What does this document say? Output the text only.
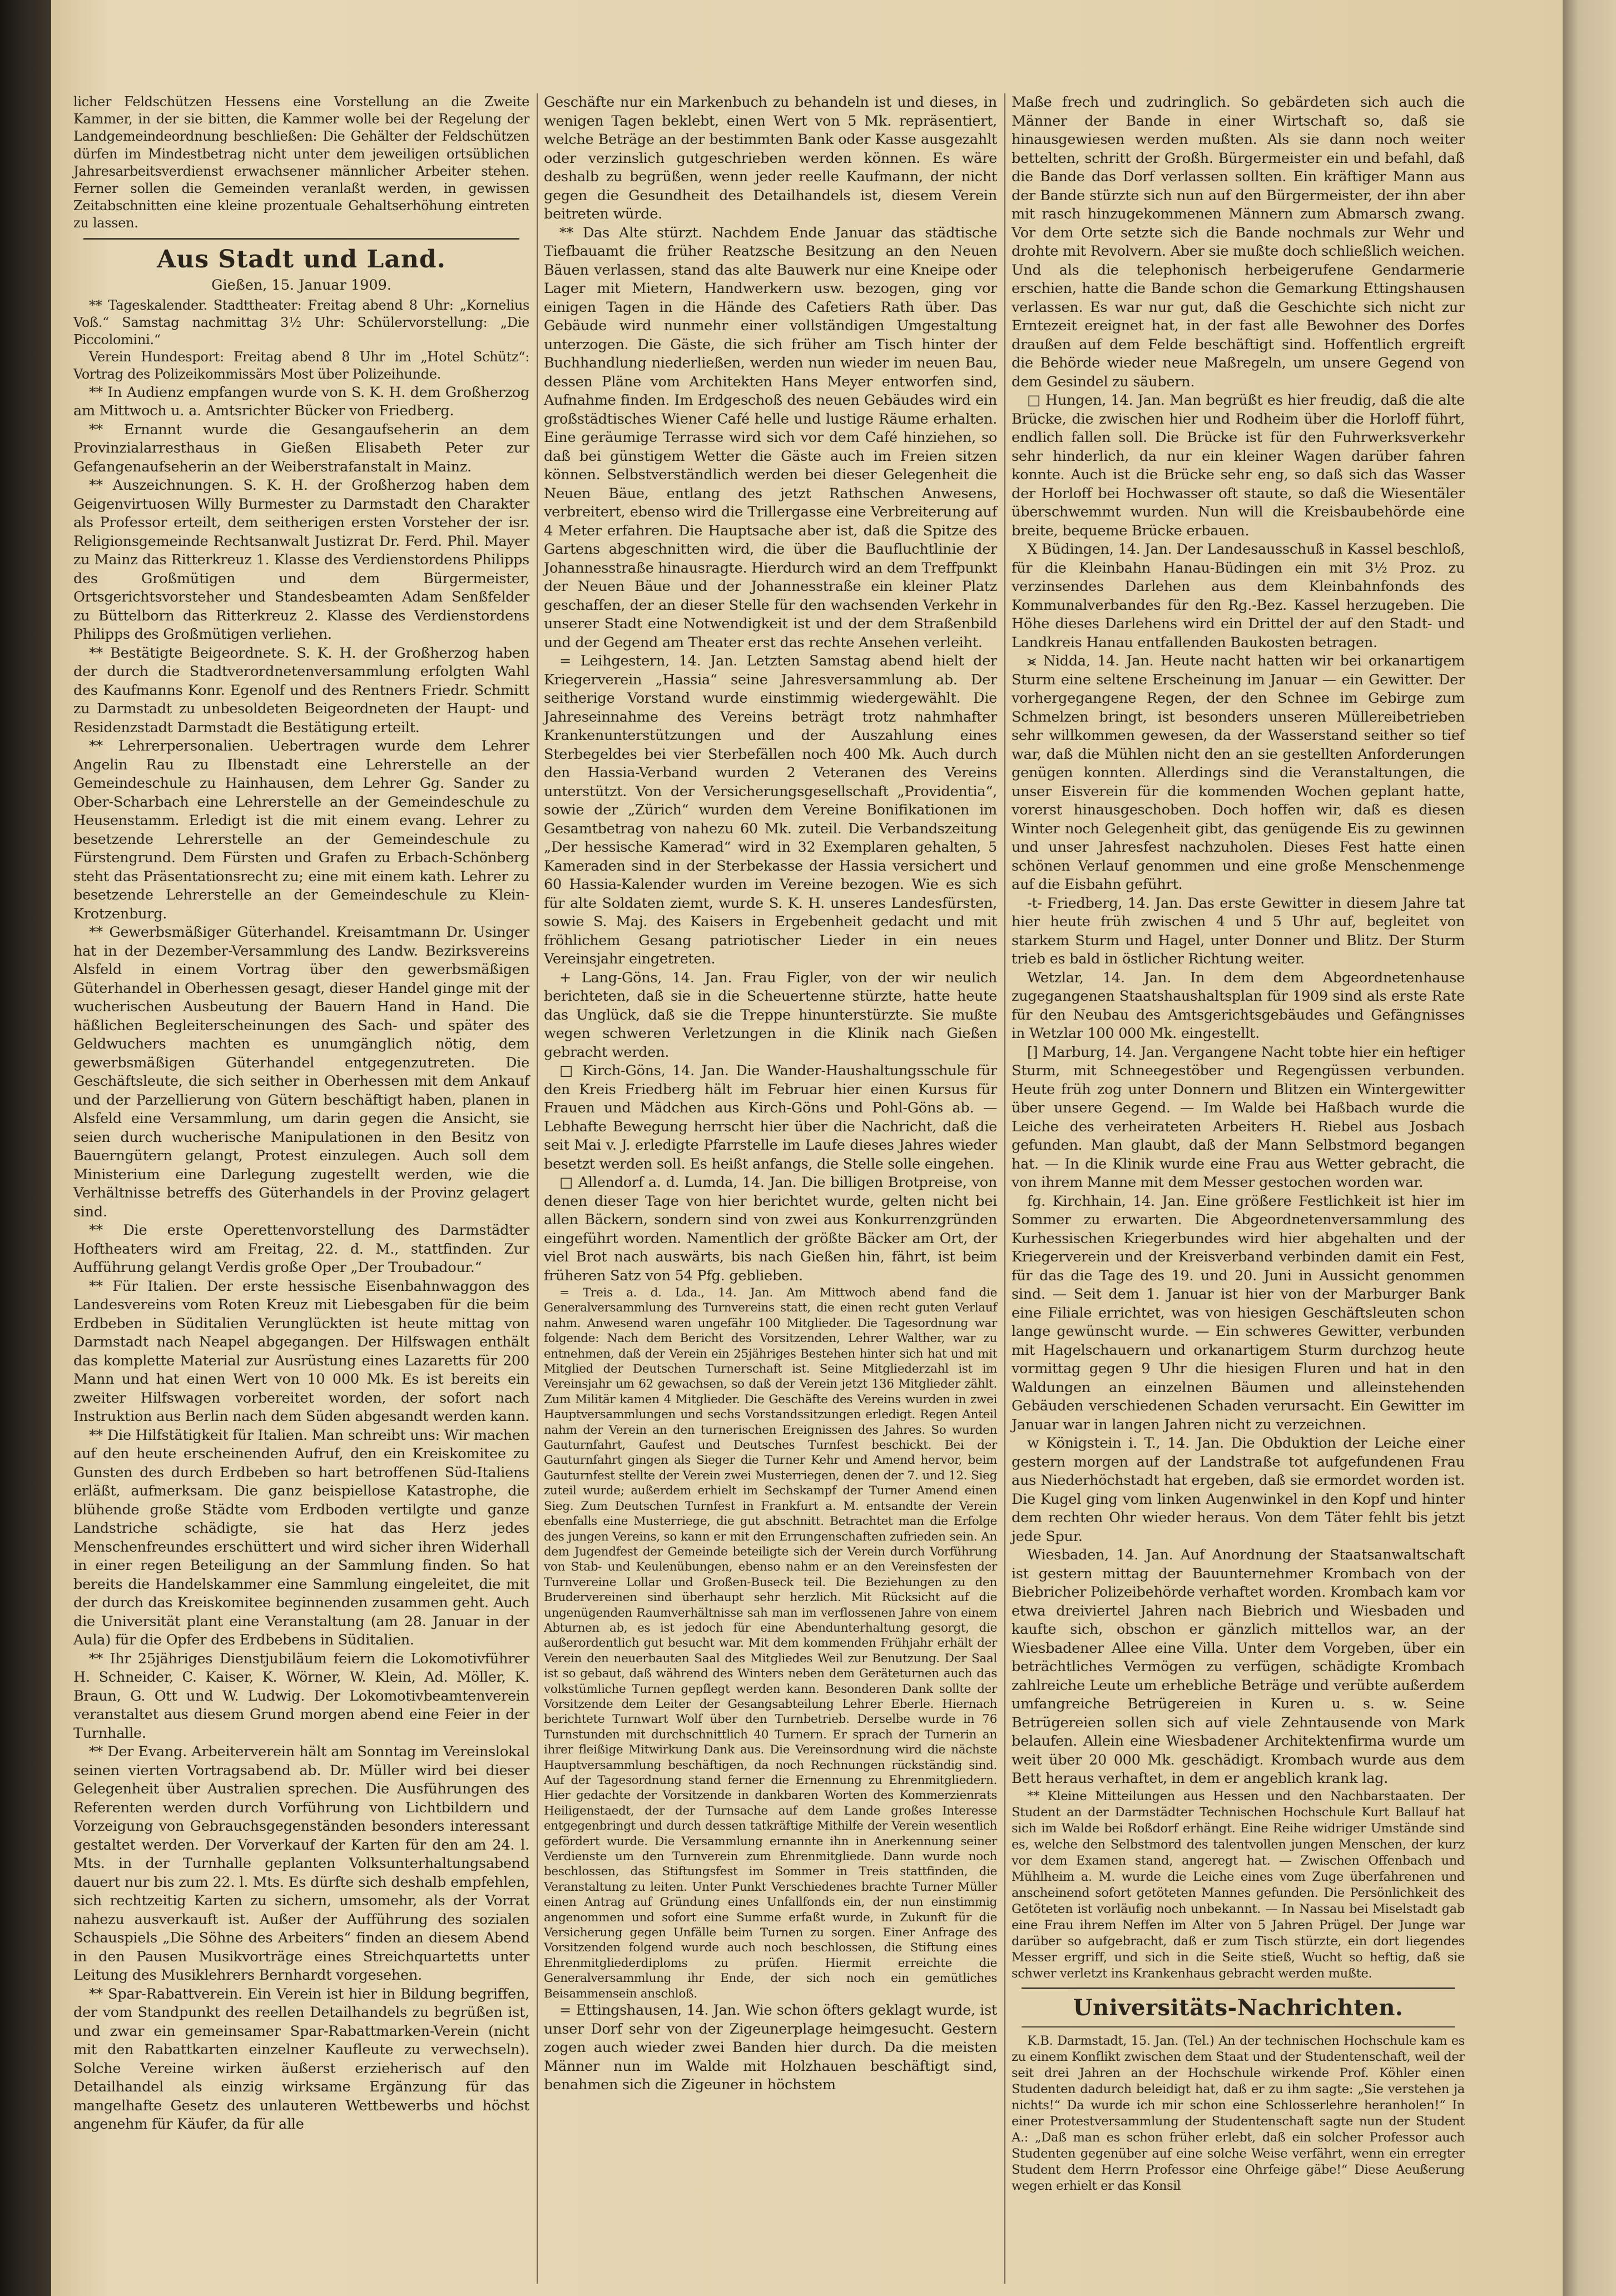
licher Feldschützen Hessens eine Vorstellung an die Zweite Kammer, in der sie bitten, die Kammer wolle bei der Regelung der Landgemeindeordnung beschließen: Die Gehälter der Feldschützen dürfen im Mindestbetrag nicht unter dem jeweiligen ortsüblichen Jahresarbeitsverdienst erwachsener männlicher Arbeiter stehen. Ferner sollen die Gemeinden veranlaßt werden, in gewissen Zeitabschnitten eine kleine prozentuale Gehaltserhöhung eintreten zu lassen.

Aus Stadt und Land.
Gießen, 15. Januar 1909.

** Tageskalender. Stadttheater: Freitag abend 8 Uhr: „Kornelius Voß.“ Samstag nachmittag 3½ Uhr: Schülervorstellung: „Die Piccolomini.“

Verein Hundesport: Freitag abend 8 Uhr im „Hotel Schütz“: Vortrag des Polizeikommissärs Most über Polizeihunde.

** In Audienz empfangen wurde von S. K. H. dem Großherzog am Mittwoch u. a. Amtsrichter Bücker von Friedberg.

** Ernannt wurde die Gesangaufseherin an dem Provinzialarresthaus in Gießen Elisabeth Peter zur Gefangenaufseherin an der Weiberstrafanstalt in Mainz.

** Auszeichnungen. S. K. H. der Großherzog haben dem Geigenvirtuosen Willy Burmester zu Darmstadt den Charakter als Professor erteilt, dem seitherigen ersten Vorsteher der isr. Religionsgemeinde Rechtsanwalt Justizrat Dr. Ferd. Phil. Mayer zu Mainz das Ritterkreuz 1. Klasse des Verdienstordens Philipps des Großmütigen und dem Bürgermeister, Ortsgerichtsvorsteher und Standesbeamten Adam Senßfelder zu Büttelborn das Ritterkreuz 2. Klasse des Verdienstordens Philipps des Großmütigen verliehen.

** Bestätigte Beigeordnete. S. K. H. der Großherzog haben der durch die Stadtverordnetenversammlung erfolgten Wahl des Kaufmanns Konr. Egenolf und des Rentners Friedr. Schmitt zu Darmstadt zu unbesoldeten Beigeordneten der Haupt- und Residenzstadt Darmstadt die Bestätigung erteilt.

** Lehrerpersonalien. Uebertragen wurde dem Lehrer Angelin Rau zu Ilbenstadt eine Lehrerstelle an der Gemeindeschule zu Hainhausen, dem Lehrer Gg. Sander zu Ober-Scharbach eine Lehrerstelle an der Gemeindeschule zu Heusenstamm. Erledigt ist die mit einem evang. Lehrer zu besetzende Lehrerstelle an der Gemeindeschule zu Fürstengrund. Dem Fürsten und Grafen zu Erbach-Schönberg steht das Präsentationsrecht zu; eine mit einem kath. Lehrer zu besetzende Lehrerstelle an der Gemeindeschule zu Klein-Krotzenburg.

** Gewerbsmäßiger Güterhandel. Kreisamtmann Dr. Usinger hat in der Dezember-Versammlung des Landw. Bezirksvereins Alsfeld in einem Vortrag über den gewerbsmäßigen Güterhandel in Oberhessen gesagt, dieser Handel ginge mit der wucherischen Ausbeutung der Bauern Hand in Hand. Die häßlichen Begleiterscheinungen des Sach- und später des Geldwuchers machten es unumgänglich nötig, dem gewerbsmäßigen Güterhandel entgegenzutreten. Die Geschäftsleute, die sich seither in Oberhessen mit dem Ankauf und der Parzellierung von Gütern beschäftigt haben, planen in Alsfeld eine Versammlung, um darin gegen die Ansicht, sie seien durch wucherische Manipulationen in den Besitz von Bauerngütern gelangt, Protest einzulegen. Auch soll dem Ministerium eine Darlegung zugestellt werden, wie die Verhältnisse betreffs des Güterhandels in der Provinz gelagert sind.

** Die erste Operettenvorstellung des Darmstädter Hoftheaters wird am Freitag, 22. d. M., stattfinden. Zur Aufführung gelangt Verdis große Oper „Der Troubadour.“

** Für Italien. Der erste hessische Eisenbahnwaggon des Landesvereins vom Roten Kreuz mit Liebesgaben für die beim Erdbeben in Süditalien Verunglückten ist heute mittag von Darmstadt nach Neapel abgegangen. Der Hilfswagen enthält das komplette Material zur Ausrüstung eines Lazaretts für 200 Mann und hat einen Wert von 10 000 Mk. Es ist bereits ein zweiter Hilfswagen vorbereitet worden, der sofort nach Instruktion aus Berlin nach dem Süden abgesandt werden kann.

** Die Hilfstätigkeit für Italien. Man schreibt uns: Wir machen auf den heute erscheinenden Aufruf, den ein Kreiskomitee zu Gunsten des durch Erdbeben so hart betroffenen Süd-Italiens erläßt, aufmerksam. Die ganz beispiellose Katastrophe, die blühende große Städte vom Erdboden vertilgte und ganze Landstriche schädigte, sie hat das Herz jedes Menschenfreundes erschüttert und wird sicher ihren Widerhall in einer regen Beteiligung an der Sammlung finden. So hat bereits die Handelskammer eine Sammlung eingeleitet, die mit der durch das Kreiskomitee beginnenden zusammen geht. Auch die Universität plant eine Veranstaltung (am 28. Januar in der Aula) für die Opfer des Erdbebens in Süditalien.

** Ihr 25jähriges Dienstjubiläum feiern die Lokomotivführer H. Schneider, C. Kaiser, K. Wörner, W. Klein, Ad. Möller, K. Braun, G. Ott und W. Ludwig. Der Lokomotivbeamtenverein veranstaltet aus diesem Grund morgen abend eine Feier in der Turnhalle.

** Der Evang. Arbeiterverein hält am Sonntag im Vereinslokal seinen vierten Vortragsabend ab. Dr. Müller wird bei dieser Gelegenheit über Australien sprechen. Die Ausführungen des Referenten werden durch Vorführung von Lichtbildern und Vorzeigung von Gebrauchsgegenständen besonders interessant gestaltet werden. Der Vorverkauf der Karten für den am 24. l. Mts. in der Turnhalle geplanten Volksunterhaltungsabend dauert nur bis zum 22. l. Mts. Es dürfte sich deshalb empfehlen, sich rechtzeitig Karten zu sichern, umsomehr, als der Vorrat nahezu ausverkauft ist. Außer der Aufführung des sozialen Schauspiels „Die Söhne des Arbeiters“ finden an diesem Abend in den Pausen Musikvorträge eines Streichquartetts unter Leitung des Musiklehrers Bernhardt vorgesehen.

** Spar-Rabattverein. Ein Verein ist hier in Bildung begriffen, der vom Standpunkt des reellen Detailhandels zu begrüßen ist, und zwar ein gemeinsamer Spar-Rabattmarken-Verein (nicht mit den Rabattkarten einzelner Kaufleute zu verwechseln). Solche Vereine wirken äußerst erzieherisch auf den Detailhandel als einzig wirksame Ergänzung für das mangelhafte Gesetz des unlauteren Wettbewerbs und höchst angenehm für Käufer, da für alle

Geschäfte nur ein Markenbuch zu behandeln ist und dieses, in wenigen Tagen beklebt, einen Wert von 5 Mk. repräsentiert, welche Beträge an der bestimmten Bank oder Kasse ausgezahlt oder verzinslich gutgeschrieben werden können. Es wäre deshalb zu begrüßen, wenn jeder reelle Kaufmann, der nicht gegen die Gesundheit des Detailhandels ist, diesem Verein beitreten würde.

** Das Alte stürzt. Nachdem Ende Januar das städtische Tiefbauamt die früher Reatzsche Besitzung an den Neuen Bäuen verlassen, stand das alte Bauwerk nur eine Kneipe oder Lager mit Mietern, Handwerkern usw. bezogen, ging vor einigen Tagen in die Hände des Cafetiers Rath über. Das Gebäude wird nunmehr einer vollständigen Umgestaltung unterzogen. Die Gäste, die sich früher am Tisch hinter der Buchhandlung niederließen, werden nun wieder im neuen Bau, dessen Pläne vom Architekten Hans Meyer entworfen sind, Aufnahme finden. Im Erdgeschoß des neuen Gebäudes wird ein großstädtisches Wiener Café helle und lustige Räume erhalten. Eine geräumige Terrasse wird sich vor dem Café hinziehen, so daß bei günstigem Wetter die Gäste auch im Freien sitzen können. Selbstverständlich werden bei dieser Gelegenheit die Neuen Bäue, entlang des jetzt Rathschen Anwesens, verbreitert, ebenso wird die Trillergasse eine Verbreiterung auf 4 Meter erfahren. Die Hauptsache aber ist, daß die Spitze des Gartens abgeschnitten wird, die über die Baufluchtlinie der Johannesstraße hinausragte. Hierdurch wird an dem Treffpunkt der Neuen Bäue und der Johannesstraße ein kleiner Platz geschaffen, der an dieser Stelle für den wachsenden Verkehr in unserer Stadt eine Notwendigkeit ist und der dem Straßenbild und der Gegend am Theater erst das rechte Ansehen verleiht.

= Leihgestern, 14. Jan. Letzten Samstag abend hielt der Kriegerverein „Hassia“ seine Jahresversammlung ab. Der seitherige Vorstand wurde einstimmig wiedergewählt. Die Jahreseinnahme des Vereins beträgt trotz nahmhafter Krankenunterstützungen und der Auszahlung eines Sterbegeldes bei vier Sterbefällen noch 400 Mk. Auch durch den Hassia-Verband wurden 2 Veteranen des Vereins unterstützt. Von der Versicherungsgesellschaft „Providentia“, sowie der „Zürich“ wurden dem Vereine Bonifikationen im Gesamtbetrag von nahezu 60 Mk. zuteil. Die Verbandszeitung „Der hessische Kamerad“ wird in 32 Exemplaren gehalten, 5 Kameraden sind in der Sterbekasse der Hassia versichert und 60 Hassia-Kalender wurden im Vereine bezogen. Wie es sich für alte Soldaten ziemt, wurde S. K. H. unseres Landesfürsten, sowie S. Maj. des Kaisers in Ergebenheit gedacht und mit fröhlichem Gesang patriotischer Lieder in ein neues Vereinsjahr eingetreten.

+ Lang-Göns, 14. Jan. Frau Figler, von der wir neulich berichteten, daß sie in die Scheuertenne stürzte, hatte heute das Unglück, daß sie die Treppe hinunterstürzte. Sie mußte wegen schweren Verletzungen in die Klinik nach Gießen gebracht werden.

□ Kirch-Göns, 14. Jan. Die Wander-Haushaltungsschule für den Kreis Friedberg hält im Februar hier einen Kursus für Frauen und Mädchen aus Kirch-Göns und Pohl-Göns ab. — Lebhafte Bewegung herrscht hier über die Nachricht, daß die seit Mai v. J. erledigte Pfarrstelle im Laufe dieses Jahres wieder besetzt werden soll. Es heißt anfangs, die Stelle solle eingehen.

□ Allendorf a. d. Lumda, 14. Jan. Die billigen Brotpreise, von denen dieser Tage von hier berichtet wurde, gelten nicht bei allen Bäckern, sondern sind von zwei aus Konkurrenzgründen eingeführt worden. Namentlich der größte Bäcker am Ort, der viel Brot nach auswärts, bis nach Gießen hin, fährt, ist beim früheren Satz von 54 Pfg. geblieben.

= Treis a. d. Lda., 14. Jan. Am Mittwoch abend fand die Generalversammlung des Turnvereins statt, die einen recht guten Verlauf nahm. Anwesend waren ungefähr 100 Mitglieder. Die Tagesordnung war folgende: Nach dem Bericht des Vorsitzenden, Lehrer Walther, war zu entnehmen, daß der Verein ein 25jähriges Bestehen hinter sich hat und mit Mitglied der Deutschen Turnerschaft ist. Seine Mitgliederzahl ist im Vereinsjahr um 62 gewachsen, so daß der Verein jetzt 136 Mitglieder zählt. Zum Militär kamen 4 Mitglieder. Die Geschäfte des Vereins wurden in zwei Hauptversammlungen und sechs Vorstandssitzungen erledigt. Regen Anteil nahm der Verein an den turnerischen Ereignissen des Jahres. So wurden Gauturnfahrt, Gaufest und Deutsches Turnfest beschickt. Bei der Gauturnfahrt gingen als Sieger die Turner Kehr und Amend hervor, beim Gauturnfest stellte der Verein zwei Musterriegen, denen der 7. und 12. Sieg zuteil wurde; außerdem erhielt im Sechskampf der Turner Amend einen Sieg. Zum Deutschen Turnfest in Frankfurt a. M. entsandte der Verein ebenfalls eine Musterriege, die gut abschnitt. Betrachtet man die Erfolge des jungen Vereins, so kann er mit den Errungenschaften zufrieden sein. An dem Jugendfest der Gemeinde beteiligte sich der Verein durch Vorführung von Stab- und Keulenübungen, ebenso nahm er an den Vereinsfesten der Turnvereine Lollar und Großen-Buseck teil. Die Beziehungen zu den Brudervereinen sind überhaupt sehr herzlich. Mit Rücksicht auf die ungenügenden Raumverhältnisse sah man im verflossenen Jahre von einem Abturnen ab, es ist jedoch für eine Abendunterhaltung gesorgt, die außerordentlich gut besucht war. Mit dem kommenden Frühjahr erhält der Verein den neuerbauten Saal des Mitgliedes Weil zur Benutzung. Der Saal ist so gebaut, daß während des Winters neben dem Geräteturnen auch das volkstümliche Turnen gepflegt werden kann. Besonderen Dank sollte der Vorsitzende dem Leiter der Gesangsabteilung Lehrer Eberle. Hiernach berichtete Turnwart Wolf über den Turnbetrieb. Derselbe wurde in 76 Turnstunden mit durchschnittlich 40 Turnern. Er sprach der Turnerin an ihrer fleißige Mitwirkung Dank aus. Die Vereinsordnung wird die nächste Hauptversammlung beschäftigen, da noch Rechnungen rückständig sind. Auf der Tagesordnung stand ferner die Ernennung zu Ehrenmitgliedern. Hier gedachte der Vorsitzende in dankbaren Worten des Kommerzienrats Heiligenstaedt, der der Turnsache auf dem Lande großes Interesse entgegenbringt und durch dessen tatkräftige Mithilfe der Verein wesentlich gefördert wurde. Die Versammlung ernannte ihn in Anerkennung seiner Verdienste um den Turnverein zum Ehrenmitgliede. Dann wurde noch beschlossen, das Stiftungsfest im Sommer in Treis stattfinden, die Veranstaltung zu leiten. Unter Punkt Verschiedenes brachte Turner Müller einen Antrag auf Gründung eines Unfallfonds ein, der nun einstimmig angenommen und sofort eine Summe erfaßt wurde, in Zukunft für die Versicherung gegen Unfälle beim Turnen zu sorgen. Einer Anfrage des Vorsitzenden folgend wurde auch noch beschlossen, die Stiftung eines Ehrenmitgliederdiploms zu prüfen. Hiermit erreichte die Generalversammlung ihr Ende, der sich noch ein gemütliches Beisammensein anschloß.

= Ettingshausen, 14. Jan. Wie schon öfters geklagt wurde, ist unser Dorf sehr von der Zigeunerplage heimgesucht. Gestern zogen auch wieder zwei Banden hier durch. Da die meisten Männer nun im Walde mit Holzhauen beschäftigt sind, benahmen sich die Zigeuner in höchstem

Maße frech und zudringlich. So gebärdeten sich auch die Männer der Bande in einer Wirtschaft so, daß sie hinausgewiesen werden mußten. Als sie dann noch weiter bettelten, schritt der Großh. Bürgermeister ein und befahl, daß die Bande das Dorf verlassen sollten. Ein kräftiger Mann aus der Bande stürzte sich nun auf den Bürgermeister, der ihn aber mit rasch hinzugekommenen Männern zum Abmarsch zwang. Vor dem Orte setzte sich die Bande nochmals zur Wehr und drohte mit Revolvern. Aber sie mußte doch schließlich weichen. Und als die telephonisch herbeigerufene Gendarmerie erschien, hatte die Bande schon die Gemarkung Ettingshausen verlassen. Es war nur gut, daß die Geschichte sich nicht zur Erntezeit ereignet hat, in der fast alle Bewohner des Dorfes draußen auf dem Felde beschäftigt sind. Hoffentlich ergreift die Behörde wieder neue Maßregeln, um unsere Gegend von dem Gesindel zu säubern.

□ Hungen, 14. Jan. Man begrüßt es hier freudig, daß die alte Brücke, die zwischen hier und Rodheim über die Horloff führt, endlich fallen soll. Die Brücke ist für den Fuhrwerksverkehr sehr hinderlich, da nur ein kleiner Wagen darüber fahren konnte. Auch ist die Brücke sehr eng, so daß sich das Wasser der Horloff bei Hochwasser oft staute, so daß die Wiesentäler überschwemmt wurden. Nun will die Kreisbaubehörde eine breite, bequeme Brücke erbauen.

X Büdingen, 14. Jan. Der Landesausschuß in Kassel beschloß, für die Kleinbahn Hanau-Büdingen ein mit 3½ Proz. zu verzinsendes Darlehen aus dem Kleinbahnfonds des Kommunalverbandes für den Rg.-Bez. Kassel herzugeben. Die Höhe dieses Darlehens wird ein Drittel der auf den Stadt- und Landkreis Hanau entfallenden Baukosten betragen.

⪤ Nidda, 14. Jan. Heute nacht hatten wir bei orkanartigem Sturm eine seltene Erscheinung im Januar — ein Gewitter. Der vorhergegangene Regen, der den Schnee im Gebirge zum Schmelzen bringt, ist besonders unseren Müllereibetrieben sehr willkommen gewesen, da der Wasserstand seither so tief war, daß die Mühlen nicht den an sie gestellten Anforderungen genügen konnten. Allerdings sind die Veranstaltungen, die unser Eisverein für die kommenden Wochen geplant hatte, vorerst hinausgeschoben. Doch hoffen wir, daß es diesen Winter noch Gelegenheit gibt, das genügende Eis zu gewinnen und unser Jahresfest nachzuholen. Dieses Fest hatte einen schönen Verlauf genommen und eine große Menschenmenge auf die Eisbahn geführt.

-t- Friedberg, 14. Jan. Das erste Gewitter in diesem Jahre tat hier heute früh zwischen 4 und 5 Uhr auf, begleitet von starkem Sturm und Hagel, unter Donner und Blitz. Der Sturm trieb es bald in östlicher Richtung weiter.

Wetzlar, 14. Jan. In dem dem Abgeordnetenhause zugegangenen Staatshaushaltsplan für 1909 sind als erste Rate für den Neubau des Amtsgerichtsgebäudes und Gefängnisses in Wetzlar 100 000 Mk. eingestellt.

[] Marburg, 14. Jan. Vergangene Nacht tobte hier ein heftiger Sturm, mit Schneegestöber und Regengüssen verbunden. Heute früh zog unter Donnern und Blitzen ein Wintergewitter über unsere Gegend. — Im Walde bei Haßbach wurde die Leiche des verheirateten Arbeiters H. Riebel aus Josbach gefunden. Man glaubt, daß der Mann Selbstmord begangen hat. — In die Klinik wurde eine Frau aus Wetter gebracht, die von ihrem Manne mit dem Messer gestochen worden war.

fg. Kirchhain, 14. Jan. Eine größere Festlichkeit ist hier im Sommer zu erwarten. Die Abgeordnetenversammlung des Kurhessischen Kriegerbundes wird hier abgehalten und der Kriegerverein und der Kreisverband verbinden damit ein Fest, für das die Tage des 19. und 20. Juni in Aussicht genommen sind. — Seit dem 1. Januar ist hier von der Marburger Bank eine Filiale errichtet, was von hiesigen Geschäftsleuten schon lange gewünscht wurde. — Ein schweres Gewitter, verbunden mit Hagelschauern und orkanartigem Sturm durchzog heute vormittag gegen 9 Uhr die hiesigen Fluren und hat in den Waldungen an einzelnen Bäumen und alleinstehenden Gebäuden verschiedenen Schaden verursacht. Ein Gewitter im Januar war in langen Jahren nicht zu verzeichnen.

w Königstein i. T., 14. Jan. Die Obduktion der Leiche einer gestern morgen auf der Landstraße tot aufgefundenen Frau aus Niederhöchstadt hat ergeben, daß sie ermordet worden ist. Die Kugel ging vom linken Augenwinkel in den Kopf und hinter dem rechten Ohr wieder heraus. Von dem Täter fehlt bis jetzt jede Spur.

Wiesbaden, 14. Jan. Auf Anordnung der Staatsanwaltschaft ist gestern mittag der Bauunternehmer Krombach von der Biebricher Polizeibehörde verhaftet worden. Krombach kam vor etwa dreiviertel Jahren nach Biebrich und Wiesbaden und kaufte sich, obschon er gänzlich mittellos war, an der Wiesbadener Allee eine Villa. Unter dem Vorgeben, über ein beträchtliches Vermögen zu verfügen, schädigte Krombach zahlreiche Leute um erhebliche Beträge und verübte außerdem umfangreiche Betrügereien in Kuren u. s. w. Seine Betrügereien sollen sich auf viele Zehntausende von Mark belaufen. Allein eine Wiesbadener Architektenfirma wurde um weit über 20 000 Mk. geschädigt. Krombach wurde aus dem Bett heraus verhaftet, in dem er angeblich krank lag.

** Kleine Mitteilungen aus Hessen und den Nachbarstaaten. Der Student an der Darmstädter Technischen Hochschule Kurt Ballauf hat sich im Walde bei Roßdorf erhängt. Eine Reihe widriger Umstände sind es, welche den Selbstmord des talentvollen jungen Menschen, der kurz vor dem Examen stand, angeregt hat. — Zwischen Offenbach und Mühlheim a. M. wurde die Leiche eines vom Zuge überfahrenen und anscheinend sofort getöteten Mannes gefunden. Die Persönlichkeit des Getöteten ist vorläufig noch unbekannt. — In Nassau bei Miselstadt gab eine Frau ihrem Neffen im Alter von 5 Jahren Prügel. Der Junge war darüber so aufgebracht, daß er zum Tisch stürzte, ein dort liegendes Messer ergriff, und sich in die Seite stieß, Wucht so heftig, daß sie schwer verletzt ins Krankenhaus gebracht werden mußte.

Universitäts-Nachrichten.

K.B. Darmstadt, 15. Jan. (Tel.) An der technischen Hochschule kam es zu einem Konflikt zwischen dem Staat und der Studentenschaft, weil der seit drei Jahren an der Hochschule wirkende Prof. Köhler einen Studenten dadurch beleidigt hat, daß er zu ihm sagte: „Sie verstehen ja nichts!“ Da wurde ich mir schon eine Schlosserlehre heranholen!“ In einer Protestversammlung der Studentenschaft sagte nun der Student A.: „Daß man es schon früher erlebt, daß ein solcher Professor auch Studenten gegenüber auf eine solche Weise verfährt, wenn ein erregter Student dem Herrn Professor eine Ohrfeige gäbe!“ Diese Aeußerung wegen erhielt er das Konsil
